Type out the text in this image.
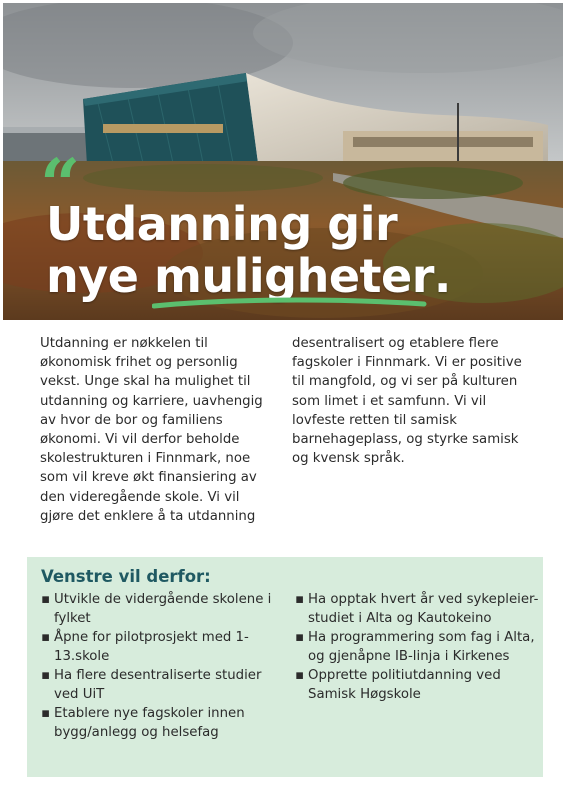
“
Utdanning gir
nye muligheter
.
Utdanning er nøkkelen til økonomisk frihet og personlig vekst. Unge skal ha mulighet til utdanning og karriere, uavhengig av hvor de bor og familiens økonomi. Vi vil derfor beholde skolestrukturen i Finnmark, noe som vil kreve økt finansiering av den videregående skole. Vi vil gjøre det enklere å ta utdanning
desentralisert og etablere flere fagskoler i Finnmark. Vi er positive til mangfold, og vi ser på kulturen som limet i et samfunn. Vi vil lovfeste retten til samisk barnehageplass, og styrke samisk og kvensk språk.
Venstre vil derfor:
▪ Utvikle de vidergående skolene i fylket
▪ Åpne for pilotprosjekt med 1-13.skole
▪ Ha flere desentraliserte studier ved UiT
▪ Etablere nye fagskoler innen bygg/anlegg og helsefag
▪ Ha opptak hvert år ved sykepleier-studiet i Alta og Kautokeino
▪ Ha programmering som fag i Alta, og gjenåpne IB-linja i Kirkenes
▪ Opprette politiutdanning ved Samisk Høgskole
